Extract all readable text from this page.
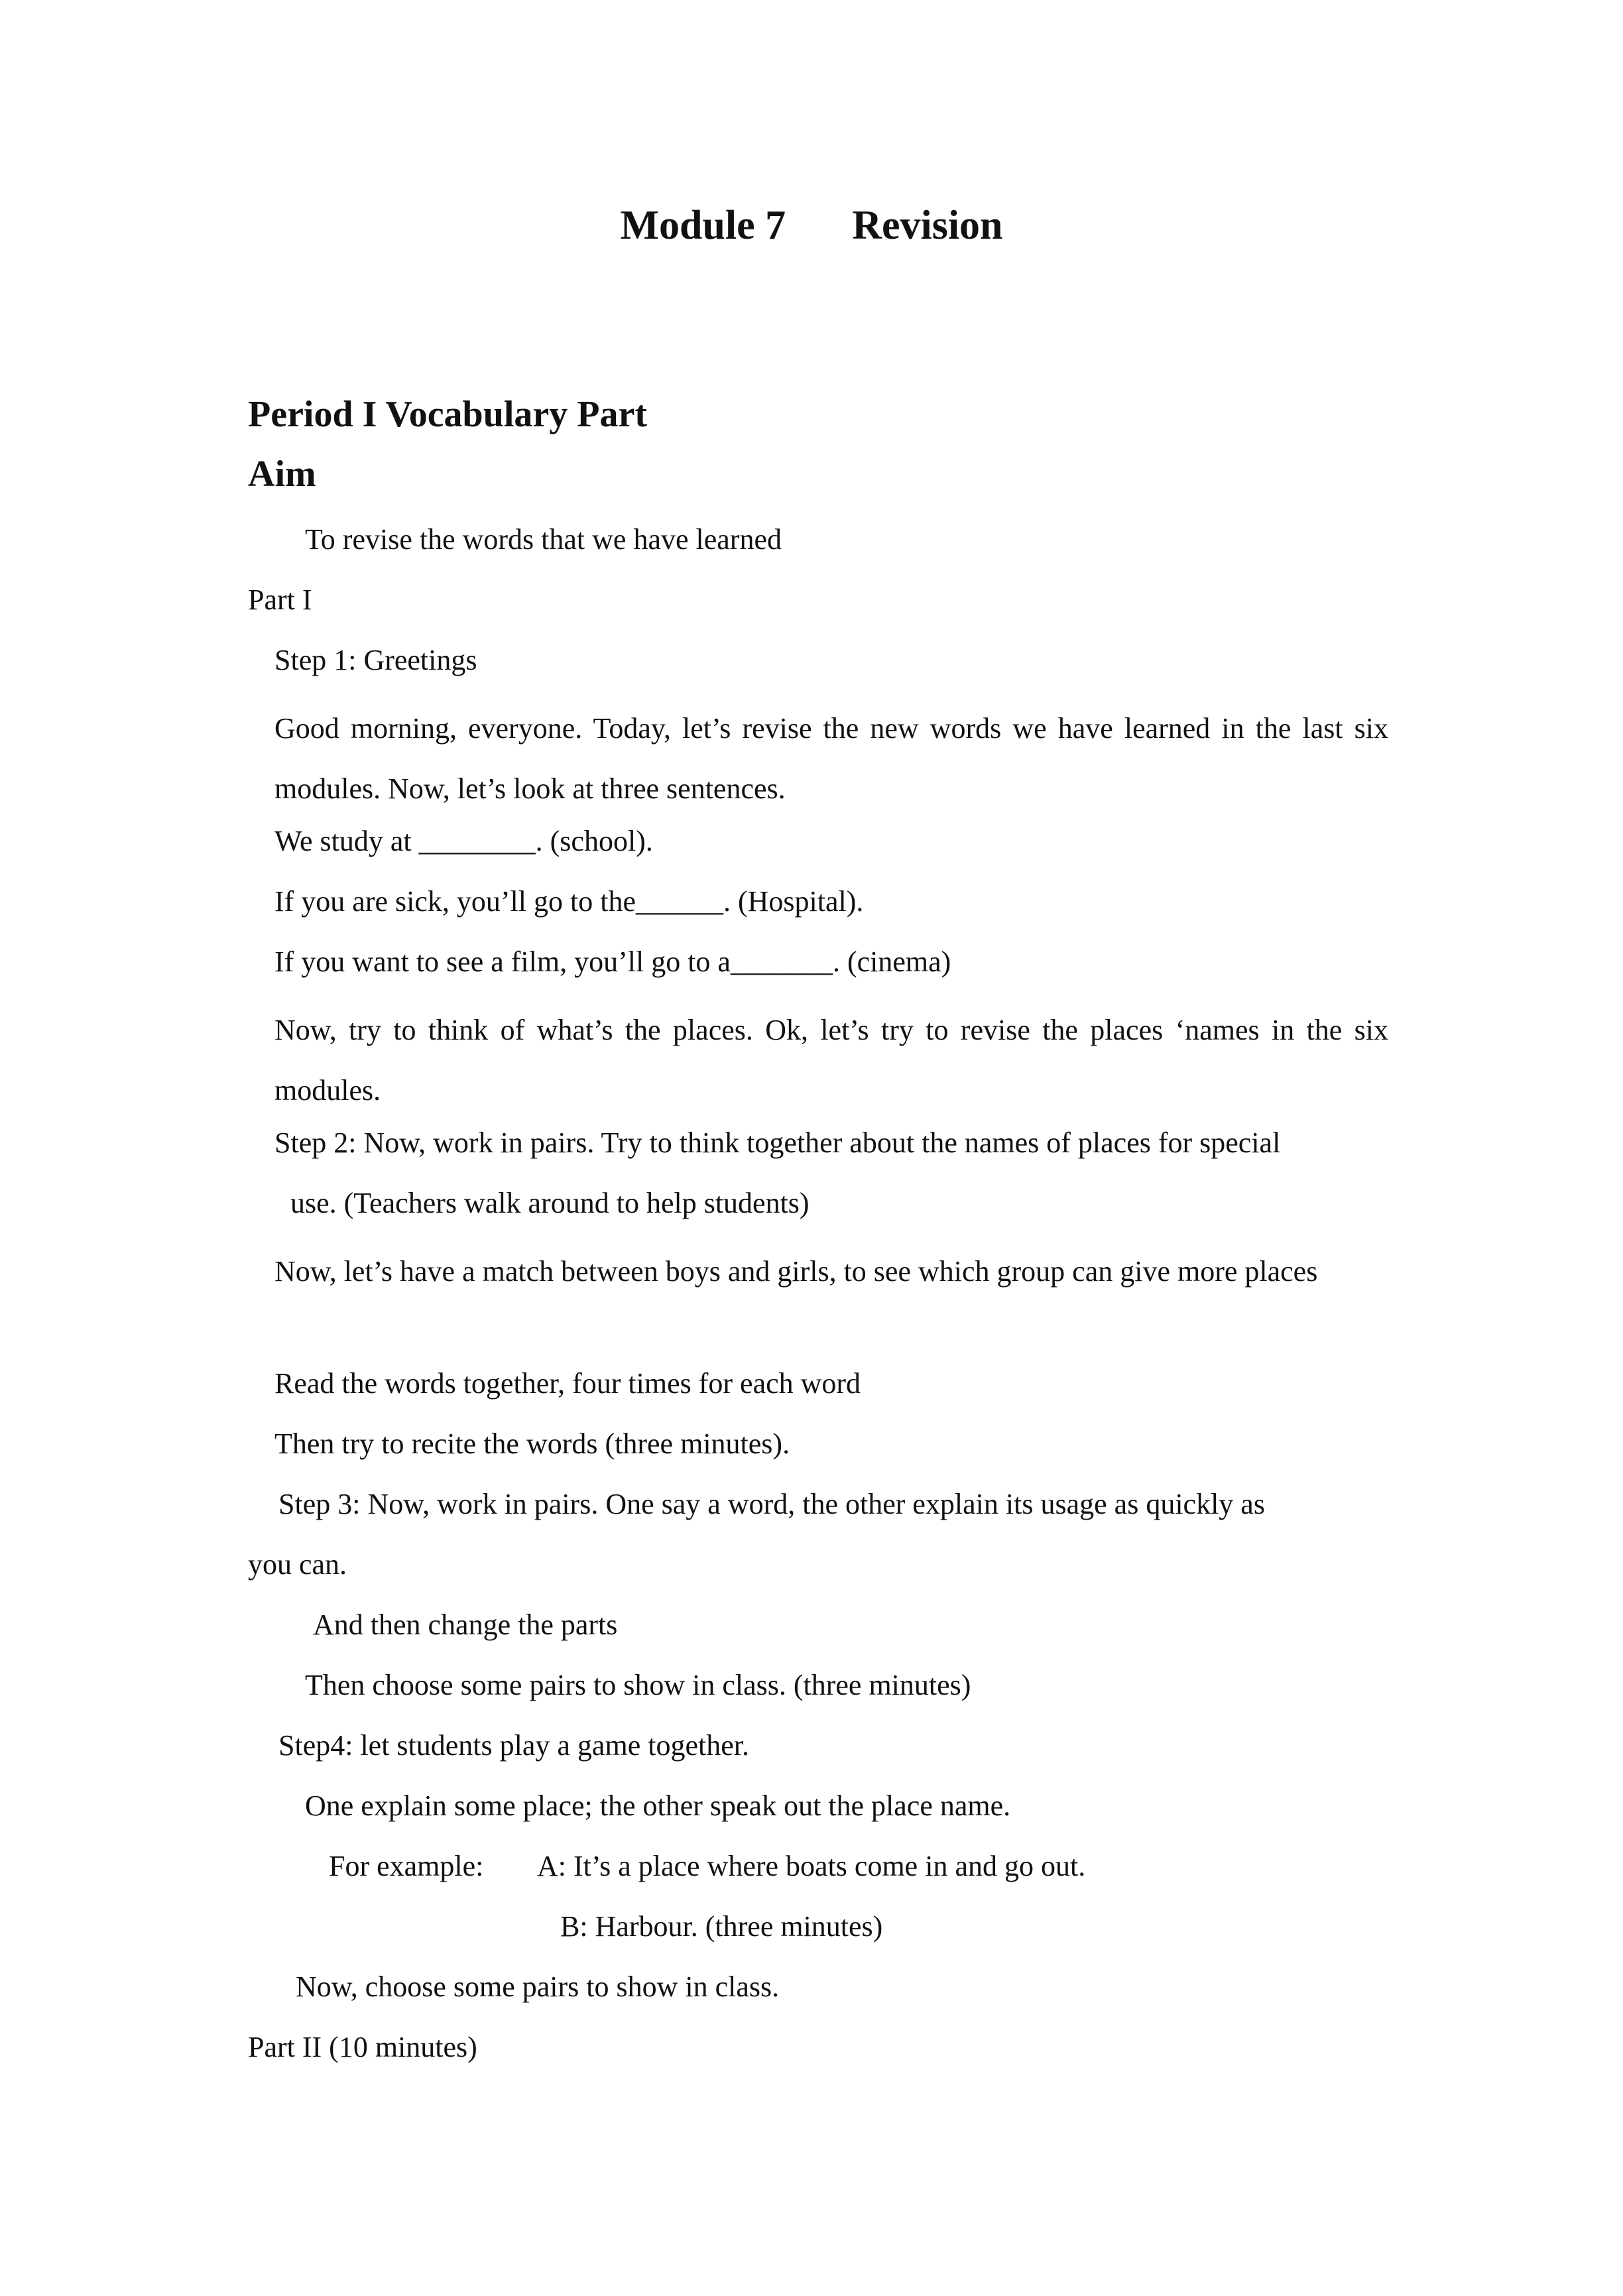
Module 7 Revision
Period I Vocabulary Part
Aim
To revise the words that we have learned
Part I
Step 1: Greetings
Good morning, everyone. Today, let’s revise the new words we have learned in the last six modules. Now, let’s look at three sentences.
We study at ________. (school).
If you are sick, you’ll go to the______. (Hospital).
If you want to see a film, you’ll go to a_______. (cinema)
Now, try to think of what’s the places. Ok, let’s try to revise the places ‘names in the six modules.
Step 2: Now, work in pairs. Try to think together about the names of places for special
use. (Teachers walk around to help students)
Now, let’s have a match between boys and girls, to see which group can give more places
Read the words together, four times for each word
Then try to recite the words (three minutes).
Step 3: Now, work in pairs. One say a word, the other explain its usage as quickly as
you can.
And then change the parts
Then choose some pairs to show in class. (three minutes)
Step4: let students play a game together.
One explain some place; the other speak out the place name.
For example: A: It’s a place where boats come in and go out.
B: Harbour. (three minutes)
Now, choose some pairs to show in class.
Part II (10 minutes)
